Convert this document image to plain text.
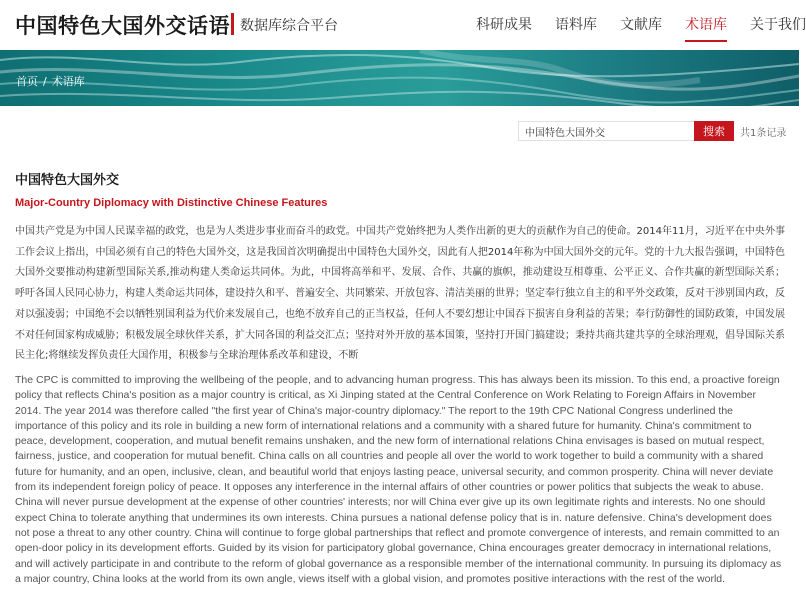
中国特色大国外交话语 数据库综合平台	科研成果 语料库 文献库 术语库 关于我们
首页 / 术语库
中国特色大国外交
搜索	共1条记录
中国特色大国外交
Major-Country Diplomacy with Distinctive Chinese Features

中国共产党是为中国人民谋幸福的政党，也是为人类进步事业而奋斗的政党。中国共产党始终把为人类作出新的更大的贡献作为自己的使命。2014年11月，习近平在中央外事工作会议上指出，中国必须有自己的特色大国外交，这是我国首次明确提出中国特色大国外交，因此有人把2014年称为中国大国外交的元年。党的十九大报告强调，中国特色大国外交要推动构建新型国际关系,推动构建人类命运共同体。为此，中国将高举和平、发展、合作、共赢的旗帜，推动建设互相尊重、公平正义、合作共赢的新型国际关系；呼吁各国人民同心协力，构建人类命运共同体，建设持久和平、普遍安全、共同繁荣、开放包容、清洁美丽的世界；坚定奉行独立自主的和平外交政策，反对干涉别国内政，反对以强凌弱；中国绝不会以牺牲别国利益为代价来发展自己，也绝不放弃自己的正当权益，任何人不要幻想让中国吞下损害自身利益的苦果；奉行防御性的国防政策，中国发展不对任何国家构成威胁；积极发展全球伙伴关系，扩大同各国的利益交汇点；坚持对外开放的基本国策，坚持打开国门搞建设；秉持共商共建共享的全球治理观，倡导国际关系民主化;将继续发挥负责任大国作用，积极参与全球治理体系改革和建设，不断

The CPC is committed to improving the wellbeing of the people, and to advancing human progress. This has always been its mission. To this end, a proactive foreign policy that reflects China's position as a major country is critical, as Xi Jinping stated at the Central Conference on Work Relating to Foreign Affairs in November 2014. The year 2014 was therefore called "the first year of China's major-country diplomacy." The report to the 19th CPC National Congress underlined the importance of this policy and its role in building a new form of international relations and a community with a shared future for humanity. China's commitment to peace, development, cooperation, and mutual benefit remains unshaken, and the new form of international relations China envisages is based on mutual respect, fairness, justice, and cooperation for mutual benefit. China calls on all countries and people all over the world to work together to build a community with a shared future for humanity, and an open, inclusive, clean, and beautiful world that enjoys lasting peace, universal security, and common prosperity. China will never deviate from its independent foreign policy of peace. It opposes any interference in the internal affairs of other countries or power politics that subjects the weak to abuse. China will never pursue development at the expense of other countries' interests; nor will China ever give up its own legitimate rights and interests. No one should expect China to tolerate anything that undermines its own interests. China pursues a national defense policy that is in. nature defensive. China's development does not pose a threat to any other country. China will continue to forge global partnerships that reflect and promote convergence of interests, and remain committed to an open-door policy in its development efforts. Guided by its vision for participatory global governance, China encourages greater democracy in international relations, and will actively participate in and contribute to the reform of global governance as a responsible member of the international community. In pursuing its diplomacy as a major country, China looks at the world from its own angle, views itself with a global vision, and promotes positive interactions with the rest of the world.
